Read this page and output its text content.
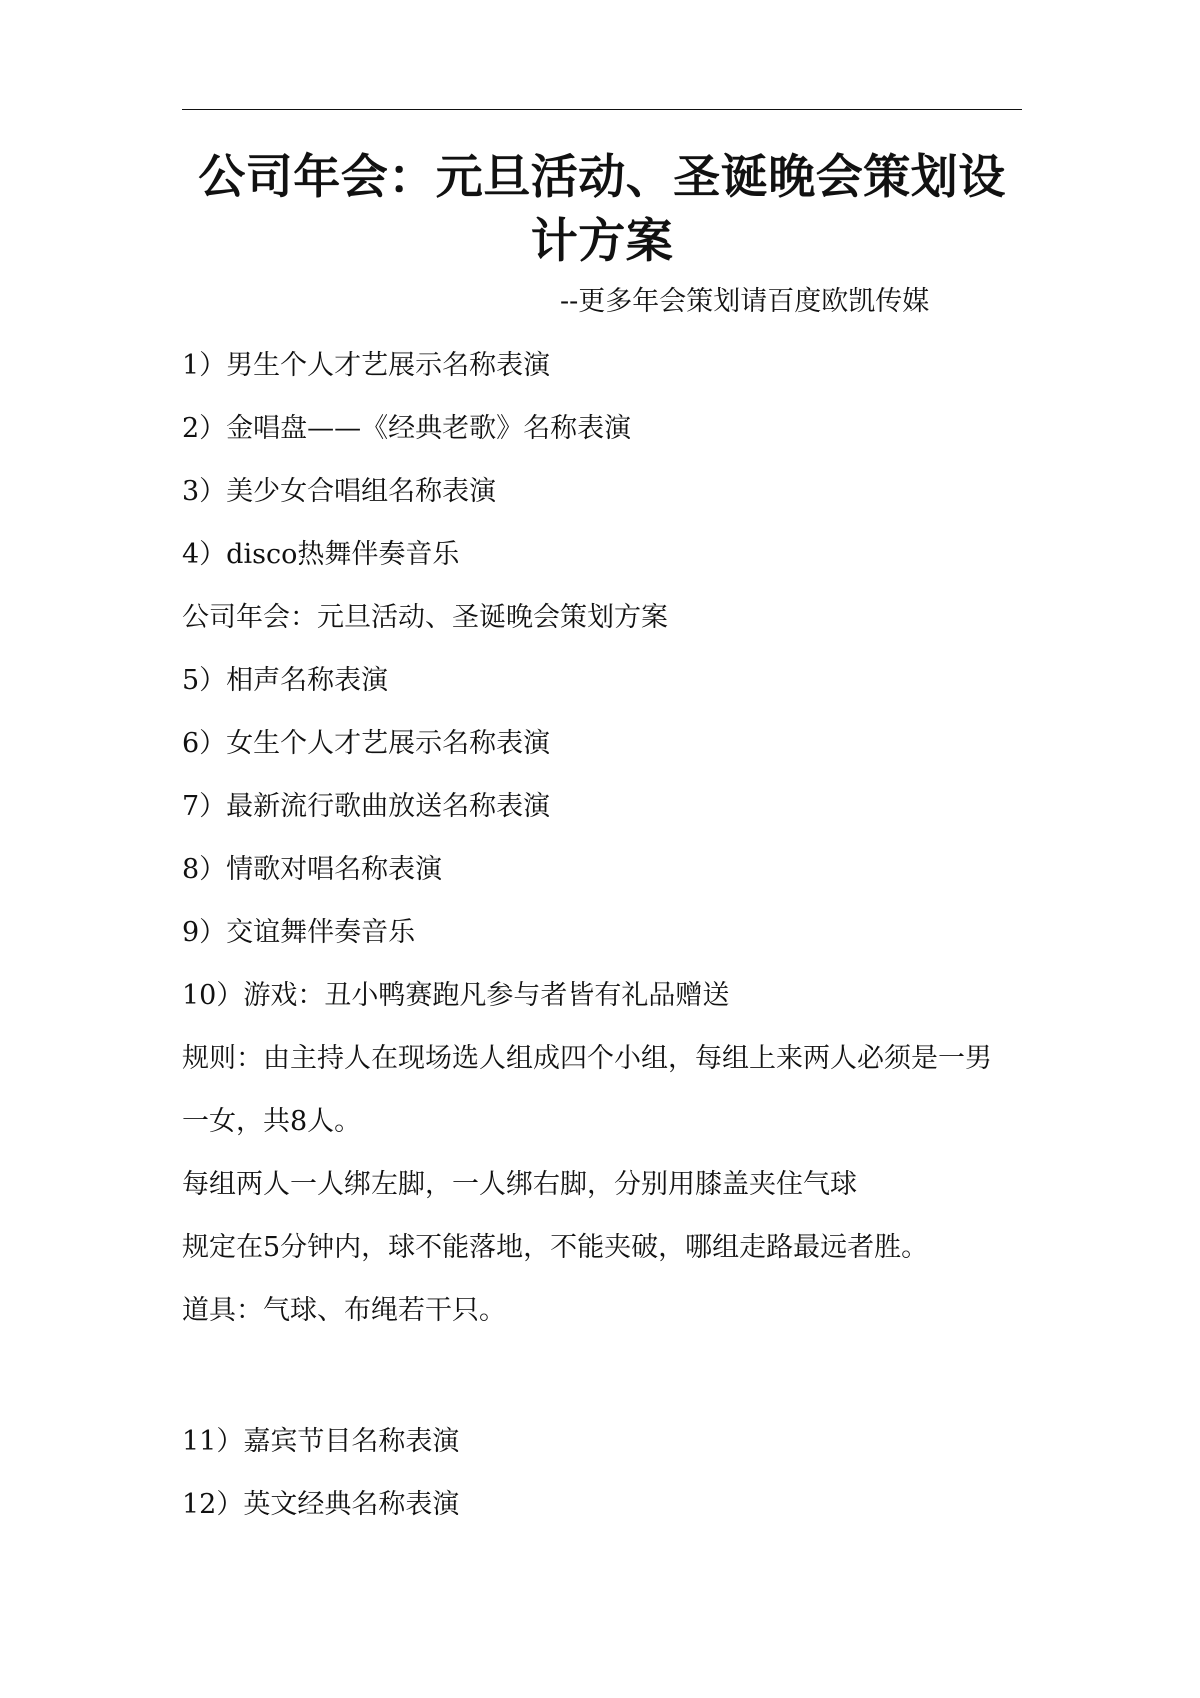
公司年会：元旦活动、圣诞晚会策划设计方案

--更多年会策划请百度欧凯传媒

1）男生个人才艺展示名称表演

2）金唱盘——《经典老歌》名称表演

3）美少女合唱组名称表演

4）disco热舞伴奏音乐

公司年会：元旦活动、圣诞晚会策划方案

5）相声名称表演

6）女生个人才艺展示名称表演

7）最新流行歌曲放送名称表演

8）情歌对唱名称表演

9）交谊舞伴奏音乐

10）游戏：丑小鸭赛跑凡参与者皆有礼品赠送

规则：由主持人在现场选人组成四个小组，每组上来两人必须是一男

一女，共8人。

每组两人一人绑左脚，一人绑右脚，分别用膝盖夹住气球

规定在5分钟内，球不能落地，不能夹破，哪组走路最远者胜。

道具：气球、布绳若干只。

11）嘉宾节目名称表演

12）英文经典名称表演
